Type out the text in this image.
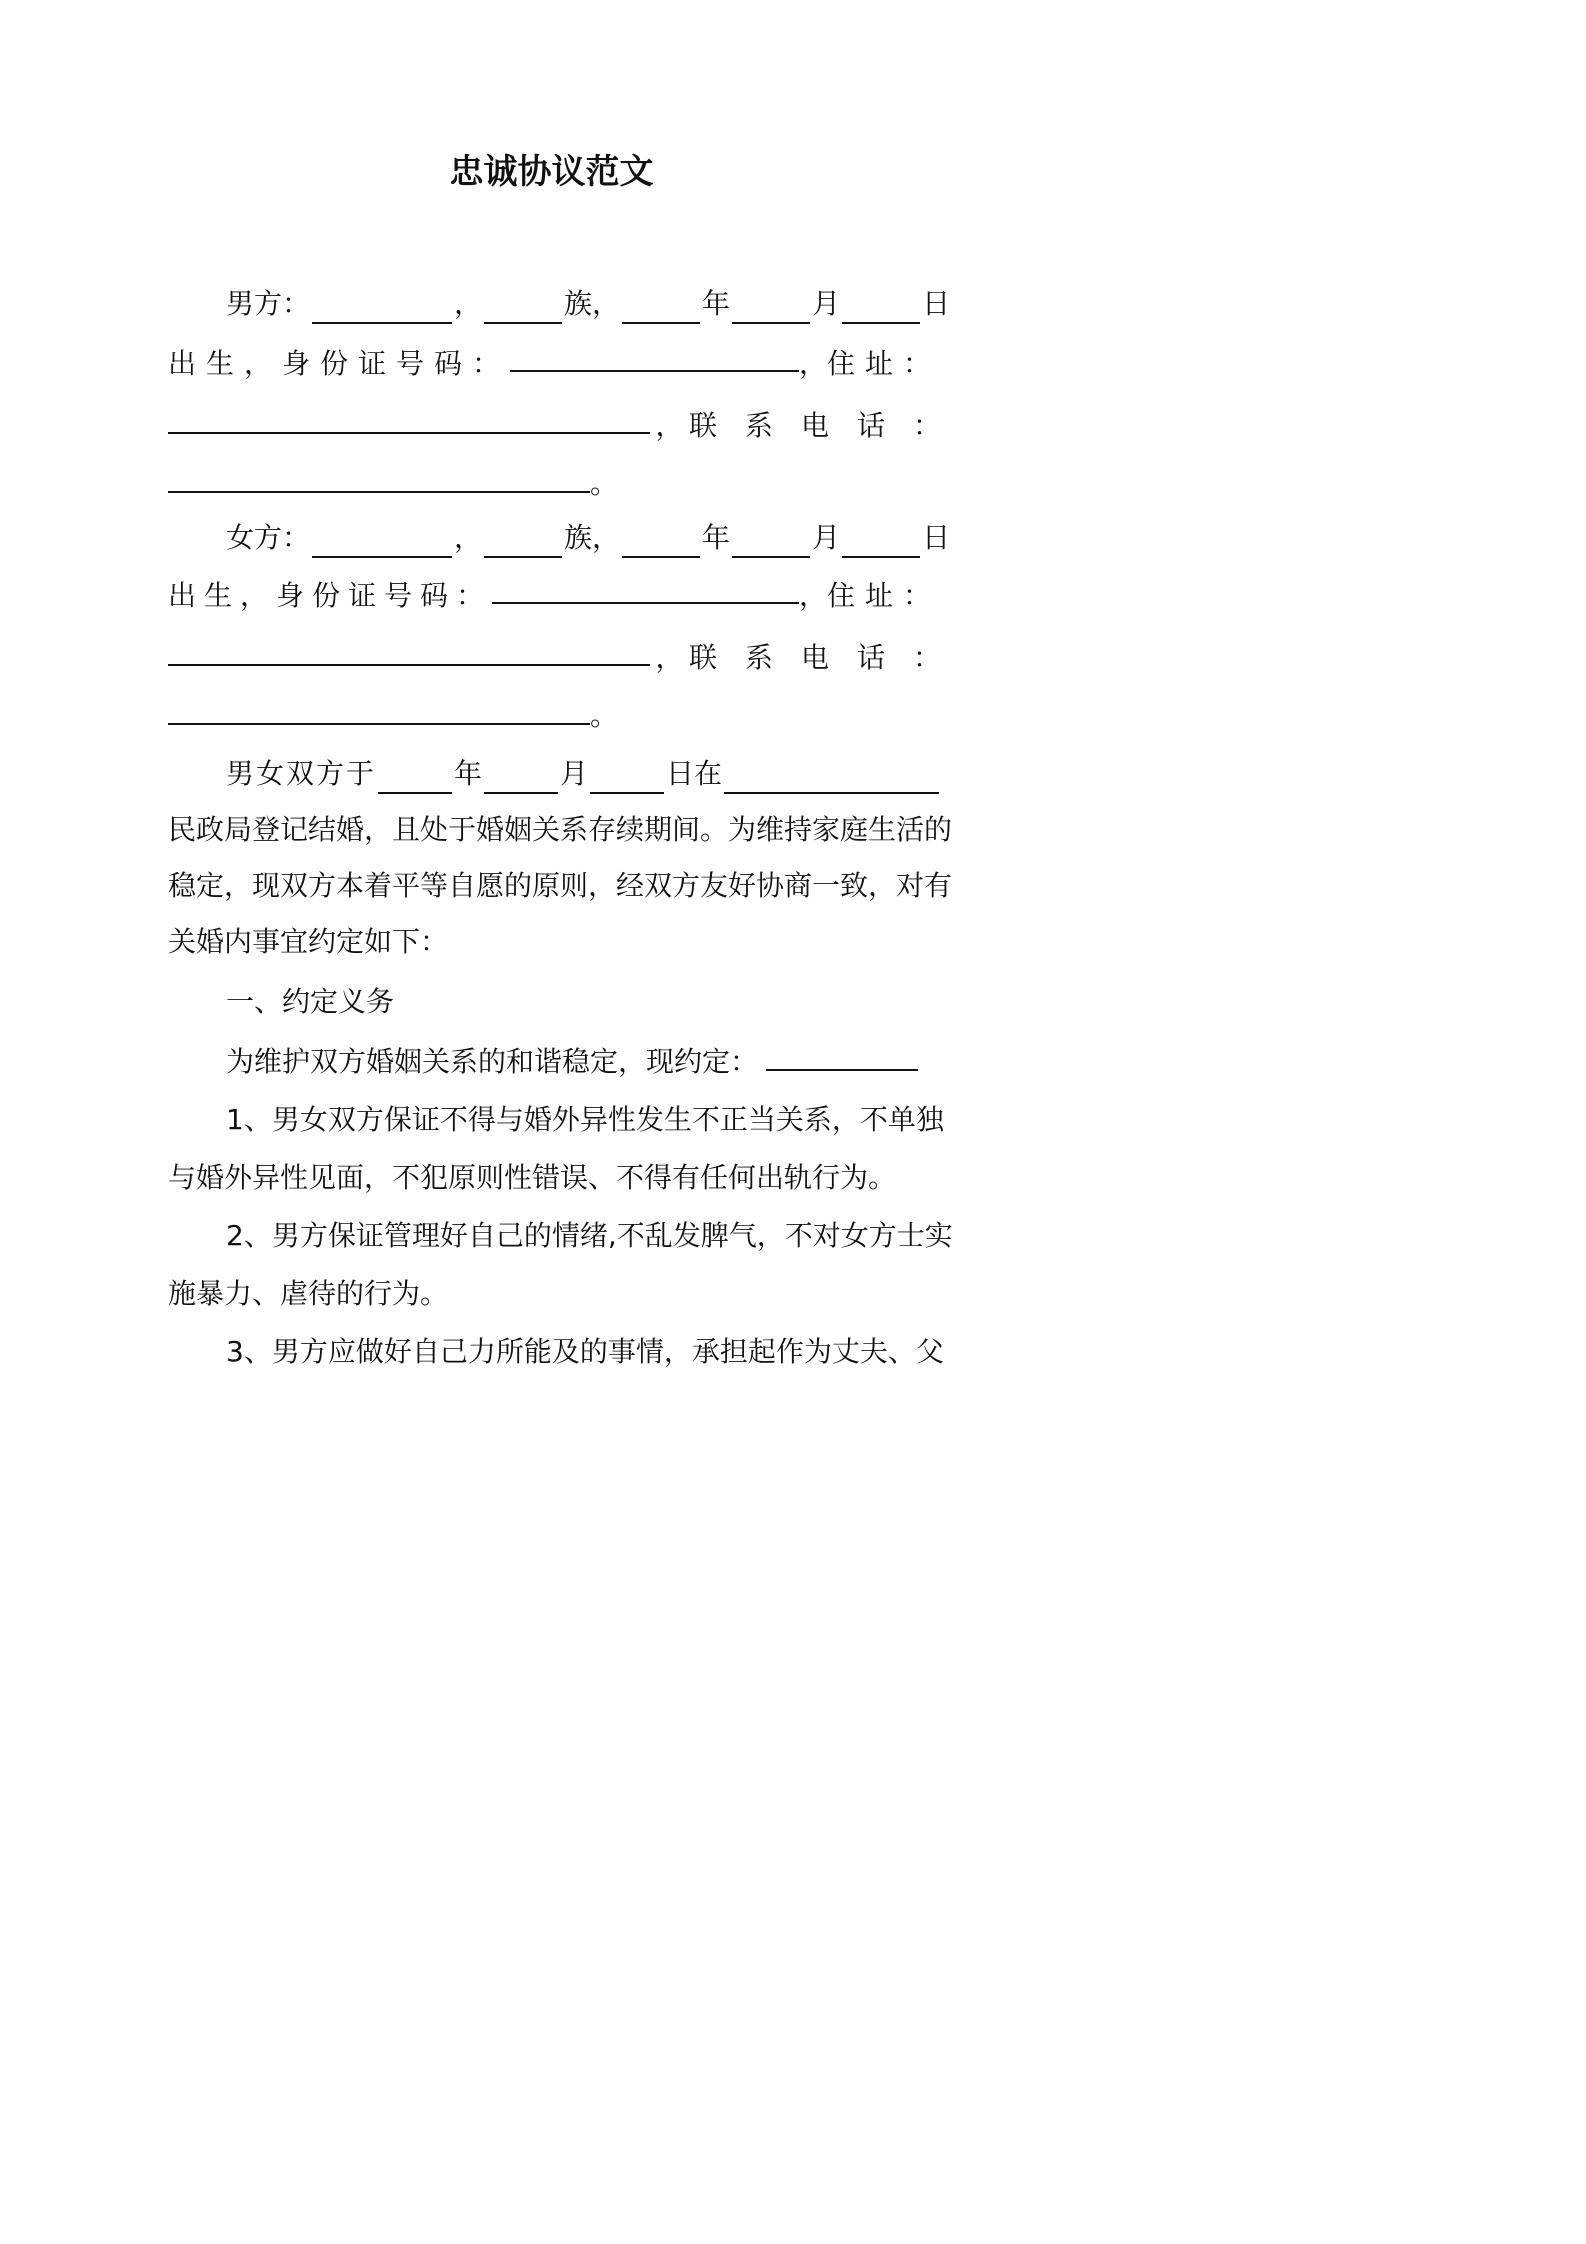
忠诚协议范文
男方：	，	族，	年	月	日
出生，身份证号码：	， 住址：
， 联系电话：
。
女方：	，	族，	年	月	日
出生，身份证号码：	， 住址：
， 联系电话：
。
男女双方于	年	月	日在
民政局登记结婚，且处于婚姻关系存续期间。为维持家庭生活的
稳定，现双方本着平等自愿的原则，经双方友好协商一致，对有
关婚内事宜约定如下：
一、约定义务
为维护双方婚姻关系的和谐稳定，现约定：
1、男女双方保证不得与婚外异性发生不正当关系，不单独
与婚外异性见面，不犯原则性错误、不得有任何出轨行为。
2、男方保证管理好自己的情绪,不乱发脾气，不对女方士实
施暴力、虐待的行为。
3、男方应做好自己力所能及的事情，承担起作为丈夫、父
